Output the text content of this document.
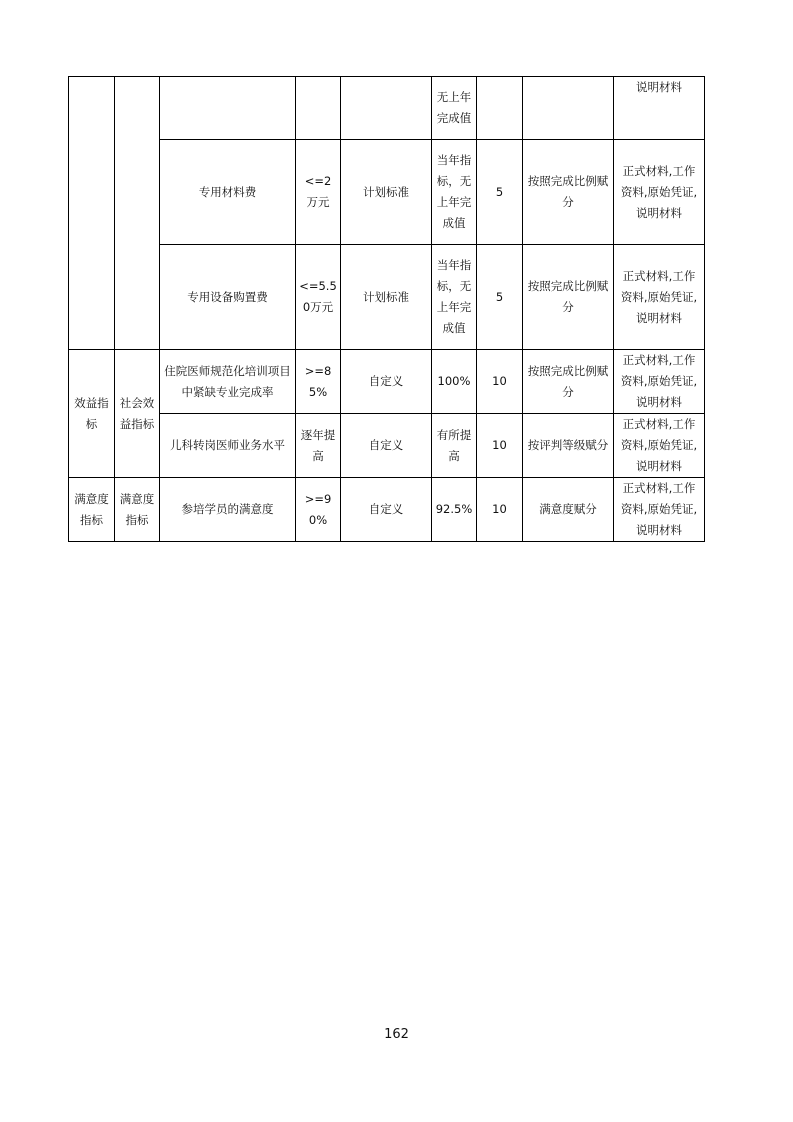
					无上年完成值			说明材料
		专用材料费	<=2万元	计划标准	当年指标，无上年完成值	5	按照完成比例赋分	正式材料,工作资料,原始凭证,说明材料
		专用设备购置费	<=5.50万元	计划标准	当年指标，无上年完成值	5	按照完成比例赋分	正式材料,工作资料,原始凭证,说明材料
效益指标	社会效益指标	住院医师规范化培训项目中紧缺专业完成率	>=85%	自定义	100%	10	按照完成比例赋分	正式材料,工作资料,原始凭证,说明材料
		儿科转岗医师业务水平	逐年提高	自定义	有所提高	10	按评判等级赋分	正式材料,工作资料,原始凭证,说明材料
满意度指标	满意度指标	参培学员的满意度	>=90%	自定义	92.5%	10	满意度赋分	正式材料,工作资料,原始凭证,说明材料
162
